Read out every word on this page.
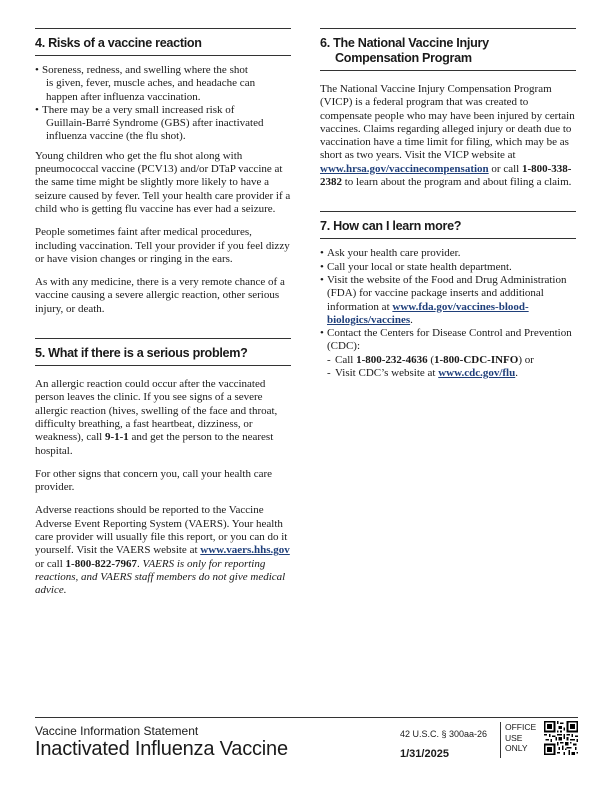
4. Risks of a vaccine reaction
• Soreness, redness, and swelling where the shot
is given, fever, muscle aches, and headache can
happen after influenza vaccination.
• There may be a very small increased risk of
Guillain-Barré Syndrome (GBS) after inactivated
influenza vaccine (the flu shot).

Young children who get the flu shot along with pneumococcal vaccine (PCV13) and/or DTaP vaccine at the same time might be slightly more likely to have a seizure caused by fever. Tell your health care provider if a child who is getting flu vaccine has ever had a seizure.

People sometimes faint after medical procedures, including vaccination. Tell your provider if you feel dizzy or have vision changes or ringing in the ears.

As with any medicine, there is a very remote chance of a vaccine causing a severe allergic reaction, other serious injury, or death.

5. What if there is a serious problem?

An allergic reaction could occur after the vaccinated person leaves the clinic. If you see signs of a severe allergic reaction (hives, swelling of the face and throat, difficulty breathing, a fast heartbeat, dizziness, or weakness), call 9-1-1 and get the person to the nearest hospital.

For other signs that concern you, call your health care provider.

Adverse reactions should be reported to the Vaccine Adverse Event Reporting System (VAERS). Your health care provider will usually file this report, or you can do it yourself. Visit the VAERS website at www.vaers.hhs.gov or call 1-800-822-7967. VAERS is only for reporting reactions, and VAERS staff members do not give medical advice.

6. The National Vaccine Injury
Compensation Program

The National Vaccine Injury Compensation Program (VICP) is a federal program that was created to compensate people who may have been injured by certain vaccines. Claims regarding alleged injury or death due to vaccination have a time limit for filing, which may be as short as two years. Visit the VICP website at www.hrsa.gov/vaccinecompensation or call 1-800-338-2382 to learn about the program and about filing a claim.

7. How can I learn more?
• Ask your health care provider.
• Call your local or state health department.
• Visit the website of the Food and Drug Administration (FDA) for vaccine package inserts and additional information at www.fda.gov/vaccines-blood-biologics/vaccines.
• Contact the Centers for Disease Control and Prevention (CDC):
- Call 1-800-232-4636 (1-800-CDC-INFO) or
- Visit CDC’s website at www.cdc.gov/flu.
Vaccine Information Statement
Inactivated Influenza Vaccine
42 U.S.C. § 300aa-26
1/31/2025
OFFICE
USE
ONLY
